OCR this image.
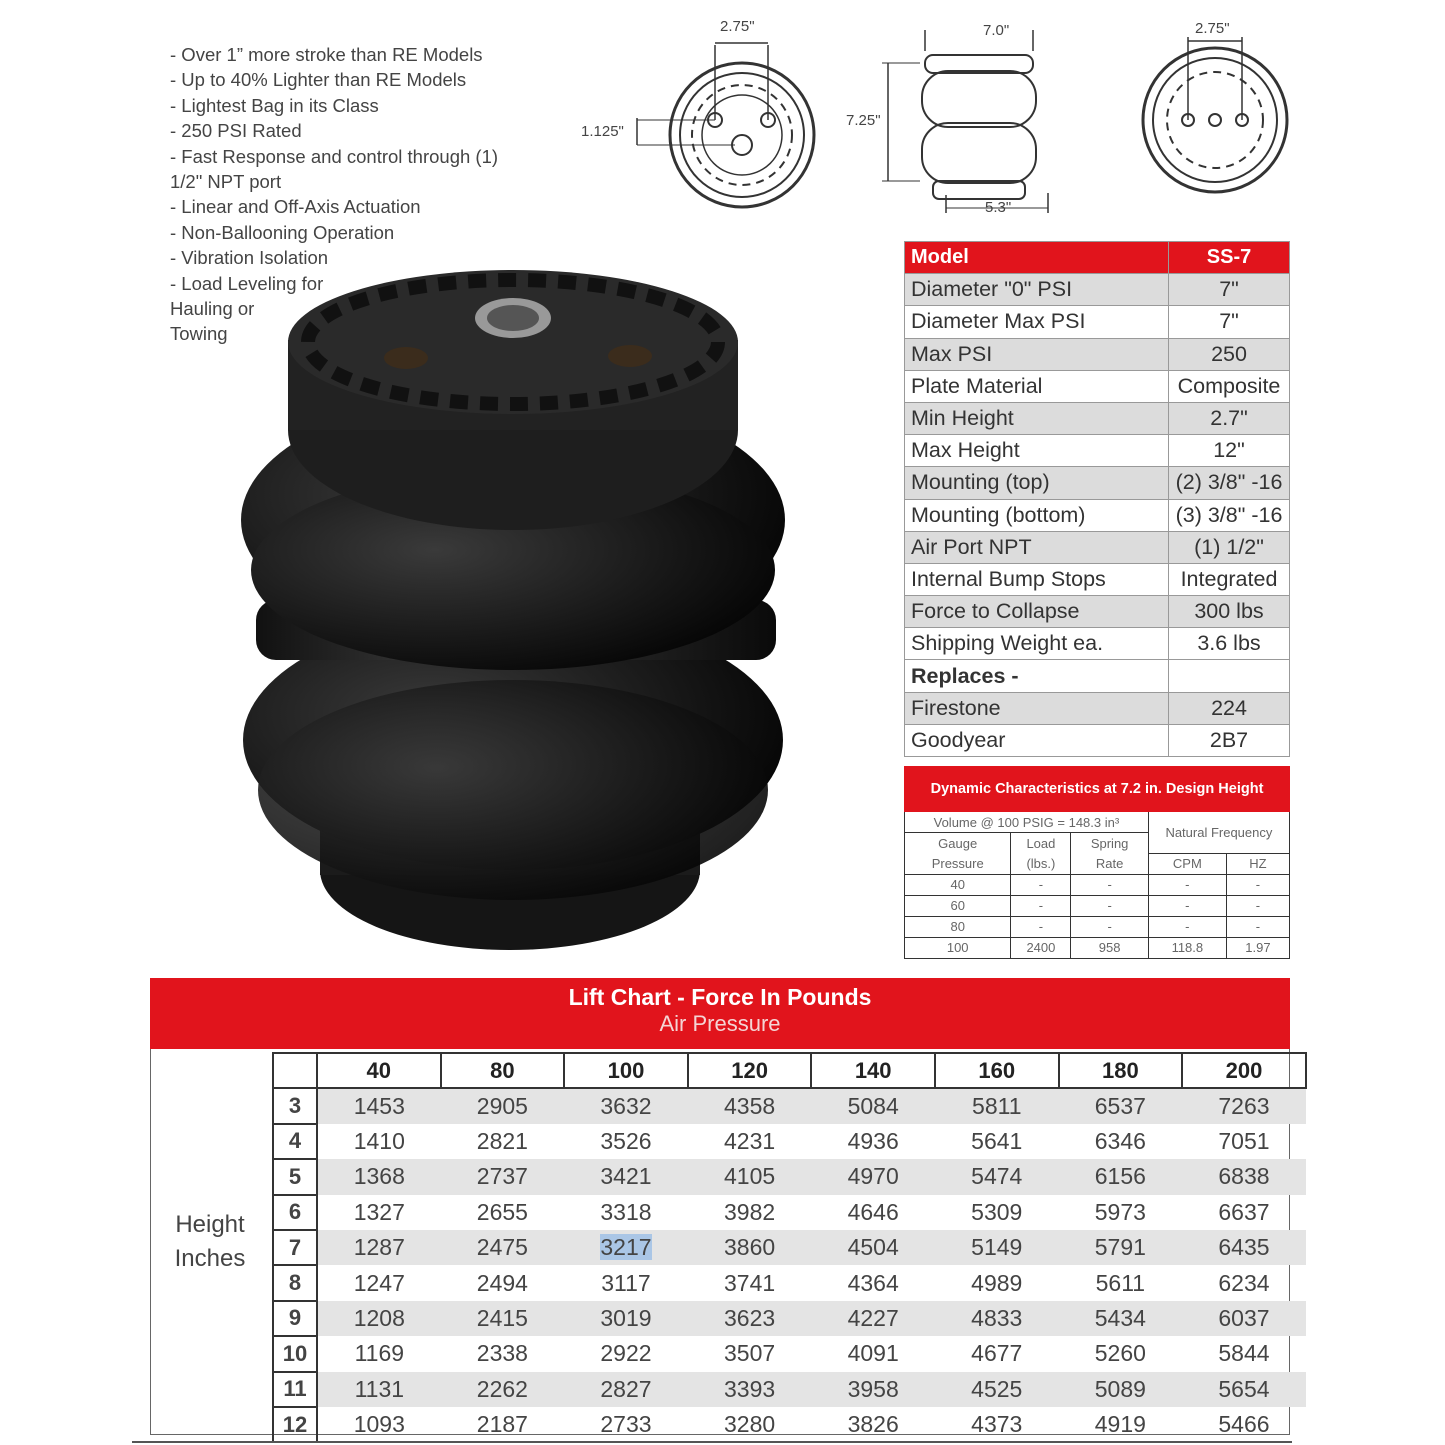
- Over 1” more stroke than RE Models
- Up to 40% Lighter than RE Models
- Lightest Bag in its Class
- 250 PSI Rated
- Fast Response and control through (1)
1/2" NPT port
- Linear and Off-Axis Actuation
- Non-Ballooning Operation
- Vibration Isolation
- Load Leveling for
Hauling or
Towing
2.75"
1.125"
7.0"
7.25"
5.3"
2.75"
Model	SS-7
Diameter "0" PSI	7"
Diameter Max PSI	7"
Max PSI	250
Plate Material	Composite
Min Height	2.7"
Max Height	12"
Mounting (top)	(2) 3/8" -16
Mounting (bottom)	(3) 3/8" -16
Air Port NPT	(1) 1/2"
Internal Bump Stops	Integrated
Force to Collapse	300 lbs
Shipping Weight ea.	3.6 lbs
Replaces -	
Firestone	224
Goodyear	2B7
Dynamic Characteristics at 7.2 in. Design Height				
Volume @ 100 PSIG = 148.3 in³			Natural Frequency	
Gauge	Load	Spring		
Pressure	(lbs.)	Rate	CPM	HZ
40	-	-	-	-
60	-	-	-	-
80	-	-	-	-
100	2400	958	118.8	1.97
Lift Chart - Force In Pounds
Air Pressure
Height
Inches
	40	80	100	120	140	160	180	200
3	1453	2905	3632	4358	5084	5811	6537	7263
4	1410	2821	3526	4231	4936	5641	6346	7051
5	1368	2737	3421	4105	4970	5474	6156	6838
6	1327	2655	3318	3982	4646	5309	5973	6637
7	1287	2475	3217	3860	4504	5149	5791	6435
8	1247	2494	3117	3741	4364	4989	5611	6234
9	1208	2415	3019	3623	4227	4833	5434	6037
10	1169	2338	2922	3507	4091	4677	5260	5844
11	1131	2262	2827	3393	3958	4525	5089	5654
12	1093	2187	2733	3280	3826	4373	4919	5466
